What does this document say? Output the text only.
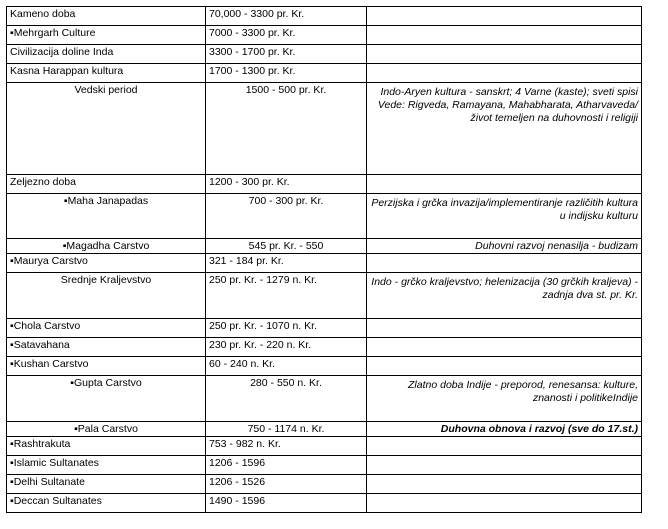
Kameno doba	70,000 - 3300 pr. Kr.	
▪Mehrgarh Culture	7000 - 3300 pr. Kr.	
Civilizacija doline Inda	3300 - 1700 pr. Kr.	
Kasna Harappan kultura	1700 - 1300 pr. Kr.	
Vedski period	1500 - 500 pr. Kr.	Indo-Aryen kultura - sanskrt; 4 Varne (kaste); sveti spisi Vede: Rigveda, Ramayana, Mahabharata, Atharvaveda/život temeljen na duhovnosti i religiji
Zeljezno doba	1200 - 300 pr. Kr.	
▪Maha Janapadas	700 - 300 pr. Kr.	Perzijska i grčka invazija/implementiranje različitih kultura u indijsku kulturu
▪Magadha Carstvo	545 pr. Kr. - 550	Duhovni razvoj nenasilja - budizam
▪Maurya Carstvo	321 - 184 pr. Kr.	
Srednje Kraljevstvo	250 pr. Kr. - 1279 n. Kr.	Indo - grčko kraljevstvo; helenizacija (30 grčkih kraljeva) - zadnja dva st. pr. Kr.
▪Chola Carstvo	250 pr. Kr. - 1070 n. Kr.	
▪Satavahana	230 pr. Kr. - 220 n. Kr.	
▪Kushan Carstvo	60 - 240 n. Kr.	
▪Gupta Carstvo	280 - 550 n. Kr.	Zlatno doba Indije - preporod, renesansa: kulture, znanosti i politikeIndije
▪Pala Carstvo	750 - 1174 n. Kr.	Duhovna obnova i razvoj (sve do 17.st.)
▪Rashtrakuta	753 - 982 n. Kr.	
▪Islamic Sultanates	1206 - 1596	
▪Delhi Sultanate	1206 - 1526	
▪Deccan Sultanates	1490 - 1596	
